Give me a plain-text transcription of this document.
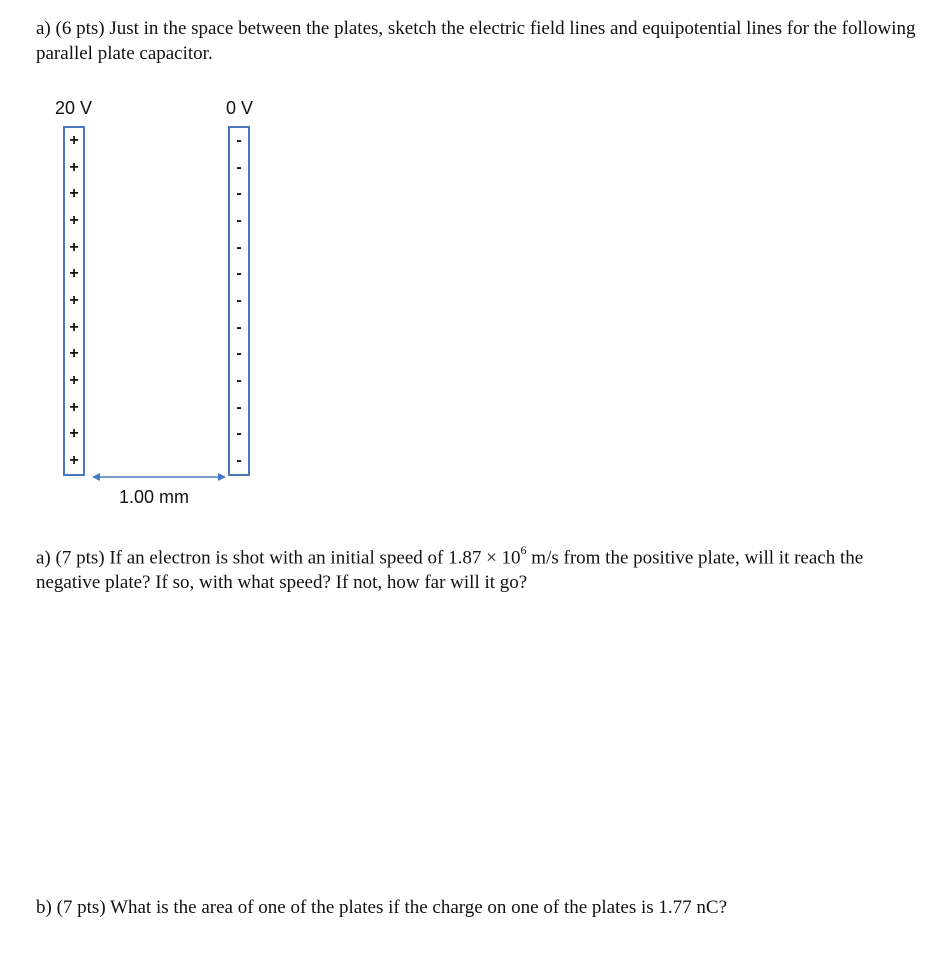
a) (6 pts) Just in the space between the plates, sketch the electric field lines and equipotential lines for the following parallel plate capacitor.
20 V	0 V
+
+
+
+
+
+
+
+
+
+
+
+
+
-
-
-
-
-
-
-
-
-
-
-
-
-
1.00 mm
a) (7 pts) If an electron is shot with an initial speed of $1.87 \times 10^6$ m/s from the positive plate, will it reach the negative plate? If so, with what speed? If not, how far will it go?
b) (7 pts) What is the area of one of the plates if the charge on one of the plates is 1.77 nC?
